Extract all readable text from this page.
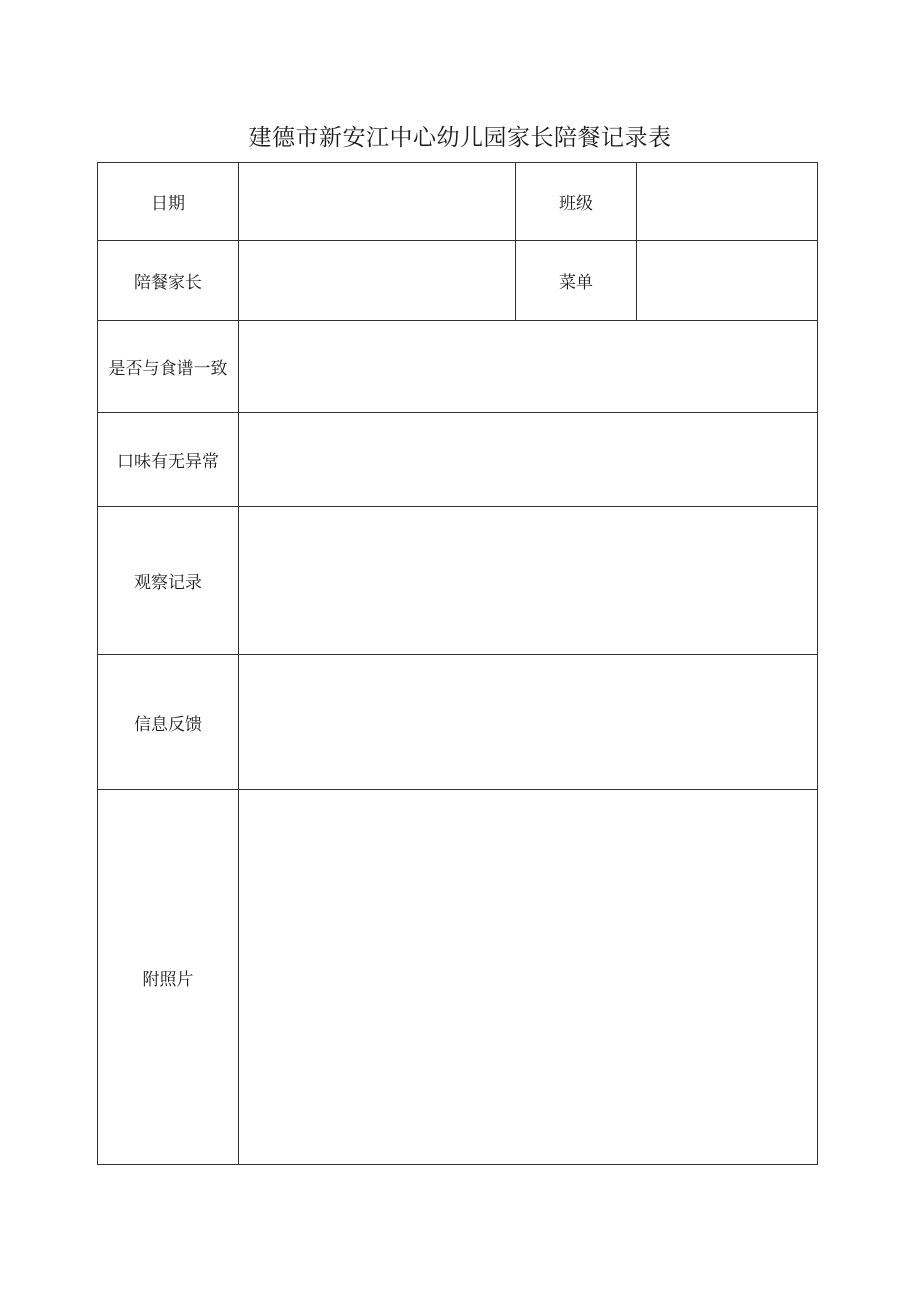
建德市新安江中心幼儿园家长陪餐记录表
日期		班级	
陪餐家长		菜单	
是否与食谱一致			
口味有无异常			
观察记录			
信息反馈			
附照片			
